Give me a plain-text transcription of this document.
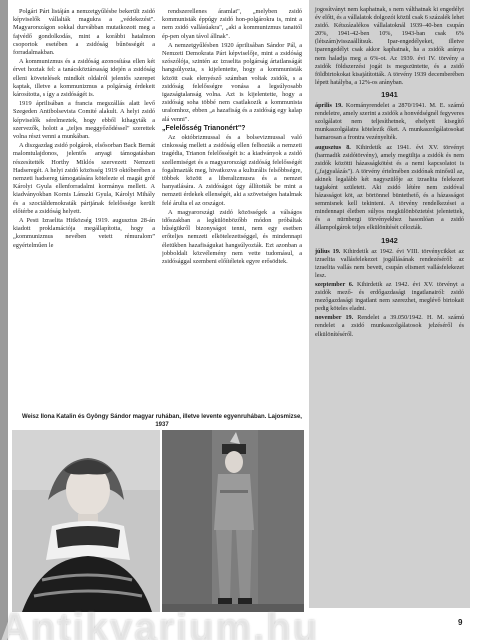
Polgári Párt listáján a nemzetgyűlésbe bekerült zsidó képviselők vállalták magukra a „védekezést". Magyarországon sokkal durvábban mutatkozott meg a fajvédő gondolkodás, mint a korábbi hatalmon csoportok esetében a zsidóság bűnösségét a forradalmakban.

A kommunizmus és a zsidóság azonosítása ellen két érvet hoztak fel: a tanácsköztársaság idején a zsidóság elleni követelések mindkét oldalról jelentős szerepet kaptak, illetve a kommunizmus a polgárság érdekeit károsította, s így a zsidóságét is.

1919 áprilisában a francia megszállás alatt levő Szegeden Antibolsevista Comité alakult. A helyi zsidó képviselők sérelmeztek, hogy ebből kihagyták a szervezők, holott a „teljes meggyőződéssel" szerettek volna részt venni a munkában.

A diszgazdag zsidó polgárok, elsősorban Back Bernát malomtulajdonos, jelentős anyagi támogatásban részesítették Horthy Miklós szervezett Nemzeti Hadseregét. A helyi zsidó közösség 1919 októberében a nemzeti hadsereg támogatására kötelezte el magát gróf Károlyi Gyula ellenforradalmi kormánya mellett. A kiadványokban Kornis Lánszki Gyula, Károlyi Mihály és a szociáldemokraták pártjának felelőssége került előtérbe a zsidóság helyett.

A Pesti Izraelita Hitközség 1919. augusztus 28-án kiadott proklamációja megállapította, hogy a „kommunizmus nevében vetett rémuralom” egyértelműen le

rendszerellenes áramlat", „melyben zsidó kommunisták éppúgy zsidó hon-polgárokra is, mint a nem zsidó vallásúakra", „aki a kommunizmus tanaitól ép-pen olyan távol állnak".

A nemzetgyűlésben 1920 áprilisában Sándor Pál, a Nemzeti Demokrata Párt képviselője, mint a zsidóság szószólója, szintén az izraelita polgárság ártatlanságát hangsúlyozta, s kijelentette, hogy a kommunisták között csak elenyésző számban voltak zsidók, s a zsidóság felelősségre vonása a legsúlyosabb igazságtalanság volna. Azt is kijelentette, hogy a zsidóság soha többé nem csatlakozik a kommunista uralomhoz, ebben „a hazafiság és a zsidóság egy kalap alá venni".

„Felelősség Trianonért"?

Az októbrizmussal és a bolsevizmussal való cinkosság mellett a zsidóság ellen felhozták a nemzeti tragédia, Trianon felelősségét is: a kiadványok a zsidó szellemiséget és a magyarországi zsidóság felelősségét fogalmazták meg, hivatkozva a kulturális felsőbbségre, többek között a liberalizmusra és a nemzet hanyatlására. A zsidóságot úgy állították be mint a nemzeti érdekek ellenségét, aki a szövetséges hatalmak felé árulta el az országot.

A magyarországi zsidó közösségek a válságos időszakban a legkülönbözőbb módon próbáltak hűségükről bizonyságot tenni, nem egy esetben erőteljes nemzeti elkötelezettséggel, és mindennapi életükben hazafiságukat hangsúlyozták. Ezt azonban a jobboldali közvélemény nem vette tudomásul, a zsidósággal szembeni előítéletek egyre erősödtek.

jogosítványt nem kaphatnak, s nem válthatnak ki engedélyt év előtt, és a vállalatok dolgozói közül csak 6 százalék lehet zsidó. Kétszázalékos vállalatoknál 1939–40-ben csupán 20%, 1941-42-ben 10%, 1943-ban csak 6% (létszám)visszaállítsuk. Ipar-engedélyeket, illetve iparengedélyt csak akkor kaphatnak, ha a zsidók aránya nem haladja meg a 6%-ot. Az 1939. évi IV. törvény a zsidók földszerzési jogát is megszüntette, és a zsidó földbirtokokat kisajátították. A törvény 1939 decemberében lépett hatályba, a 12%-os arányban.

1941

április 19. Kormányrendelet a 2870/1941. M. E. számú rendeletre, amely szerint a zsidók a honvédségnél fegyveres szolgálatot nem teljesíthetnek, ehelyett kisegítő munkaszolgálatra kötelezik őket. A munkaszolgálatosokat hamarosan a frontra vezényelték.

augusztus 8. Kihirdetik az 1941. évi XV. törvényt (harmadik zsidótörvény), amely megtiltja a zsidók és nem zsidók közötti házasságkötést és a nemi kapcsolatot is („fajgyalázás"). A törvény értelmében zsidónak minősül az, akinek legalább két nagyszülője az izraelita felekezet tagjaként született. Aki zsidó létére nem zsidóval házasságot köt, az börtönnel büntethető, és a házasságot semmisnek kell tekinteni. A törvény rendelkezései a mindennapi életben súlyos megkülönböztetést jelentettek, és a nürnbergi törvényekhez hasonlóan a zsidó állampolgárok teljes elkülönítését célozták.

1942

július 19. Kihirdetik az 1942. évi VIII. törvénycikket az izraelita vallásfelekezet jogállásának rendezéséről: az izraelita vallás nem bevett, csupán elismert vallásfelekezet lesz.

szeptember 6. Kihirdetik az 1942. évi XV. törvényt a zsidók mező- és erdőgazdasági ingatlanairól: zsidó mezőgazdasági ingatlant nem szerezhet, meglévő birtokait pedig köteles eladni.

november 19. Rendelet a 39.050/1942. H. M. számú rendelet a zsidó munkaszolgálatosok jelzéséről és elkülönítéséről.

Weisz Ilona Katalin és Gyöngy Sándor magyar ruhában, illetve levente egyenruhában. Lajosmizse, 1937
Antikvarium.hu	9
